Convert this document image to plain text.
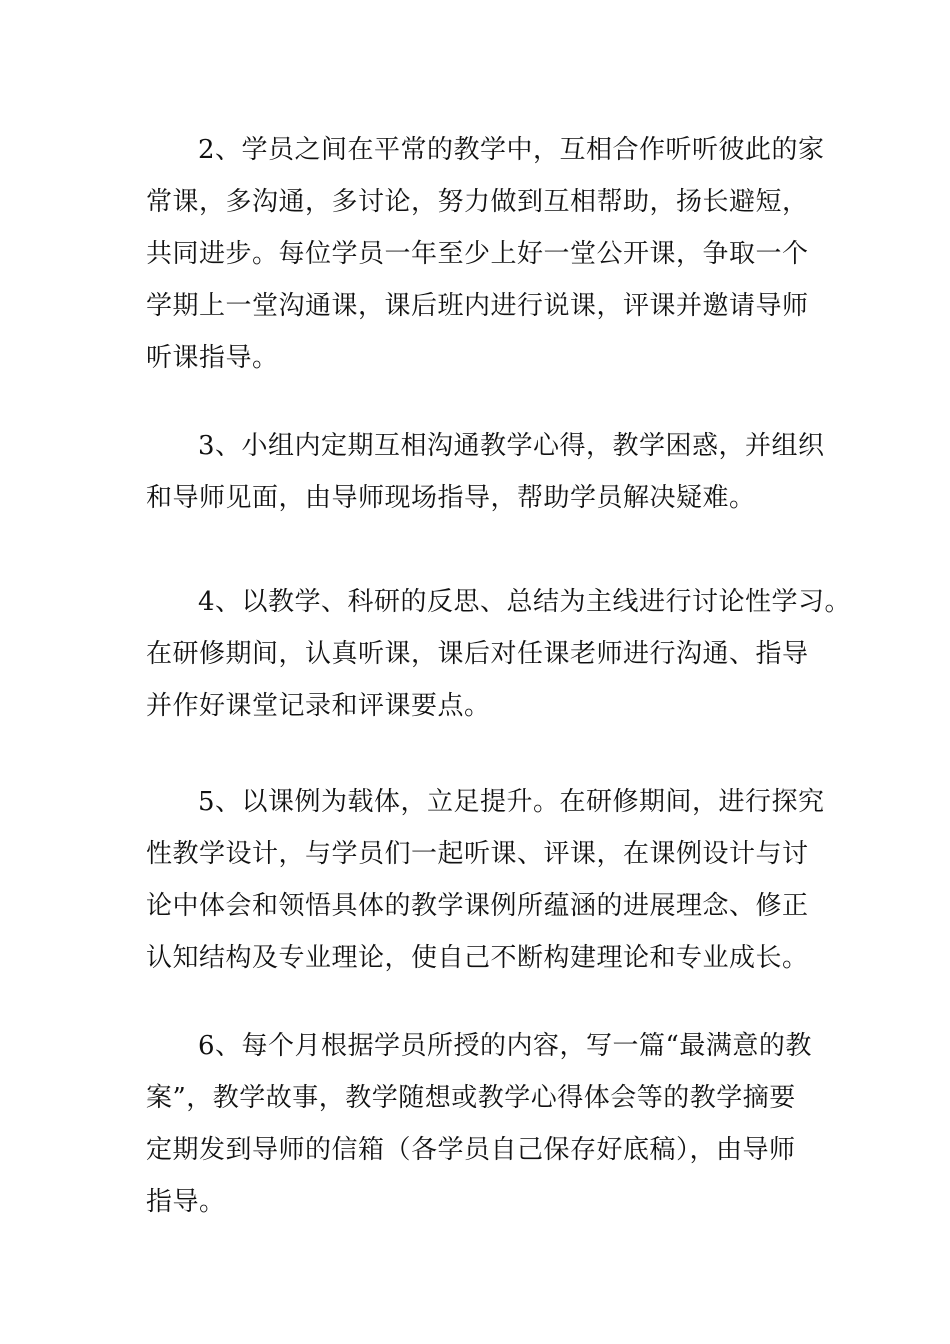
2、学员之间在平常的教学中，互相合作听听彼此的家
常课，多沟通，多讨论，努力做到互相帮助，扬长避短，
共同进步。每位学员一年至少上好一堂公开课，争取一个
学期上一堂沟通课，课后班内进行说课，评课并邀请导师
听课指导。

3、小组内定期互相沟通教学心得，教学困惑，并组织
和导师见面，由导师现场指导，帮助学员解决疑难。

4、以教学、科研的反思、总结为主线进行讨论性学习。
在研修期间，认真听课，课后对任课老师进行沟通、指导
并作好课堂记录和评课要点。

5、以课例为载体，立足提升。在研修期间，进行探究
性教学设计，与学员们一起听课、评课，在课例设计与讨
论中体会和领悟具体的教学课例所蕴涵的进展理念、修正
认知结构及专业理论，使自己不断构建理论和专业成长。

6、每个月根据学员所授的内容，写一篇“最满意的教
案”，教学故事，教学随想或教学心得体会等的教学摘要
定期发到导师的信箱（各学员自己保存好底稿），由导师
指导。
